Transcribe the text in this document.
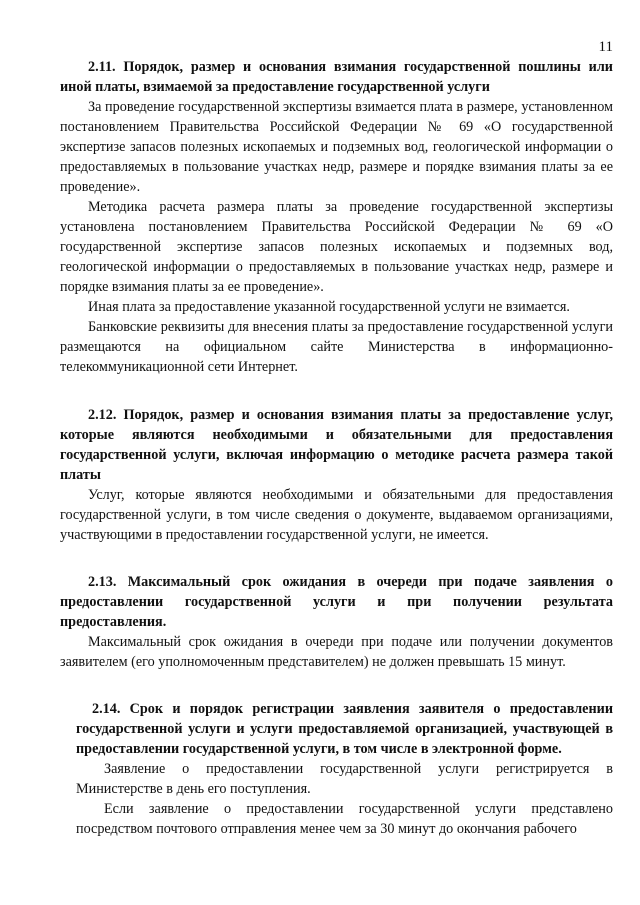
11

2.11. Порядок, размер и основания взимания государственной пошлины или иной платы, взимаемой за предоставление государственной услуги

За проведение государственной экспертизы взимается плата в размере, установленном постановлением Правительства Российской Федерации № 69 «О государственной экспертизе запасов полезных ископаемых и подземных вод, геологической информации о предоставляемых в пользование участках недр, размере и порядке взимания платы за ее проведение».

Методика расчета размера платы за проведение государственной экспертизы установлена постановлением Правительства Российской Федерации № 69 «О государственной экспертизе запасов полезных ископаемых и подземных вод, геологической информации о предоставляемых в пользование участках недр, размере и порядке взимания платы за ее проведение».

Иная плата за предоставление указанной государственной услуги не взимается.

Банковские реквизиты для внесения платы за предоставление государственной услуги размещаются на официальном сайте Министерства в информационно-телекоммуникационной сети Интернет.

2.12. Порядок, размер и основания взимания платы за предоставление услуг, которые являются необходимыми и обязательными для предоставления государственной услуги, включая информацию о методике расчета размера такой платы

Услуг, которые являются необходимыми и обязательными для предоставления государственной услуги, в том числе сведения о документе, выдаваемом организациями, участвующими в предоставлении государственной услуги, не имеется.

2.13. Максимальный срок ожидания в очереди при подаче заявления о предоставлении государственной услуги и при получении результата предоставления.

Максимальный срок ожидания в очереди при подаче или получении документов заявителем (его уполномоченным представителем) не должен превышать 15 минут.

2.14. Срок и порядок регистрации заявления заявителя о предоставлении государственной услуги и услуги предоставляемой организацией, участвующей в предоставлении государственной услуги, в том числе в электронной форме.

Заявление о предоставлении государственной услуги регистрируется в Министерстве в день его поступления.

Если заявление о предоставлении государственной услуги представлено посредством почтового отправления менее чем за 30 минут до окончания рабочего
